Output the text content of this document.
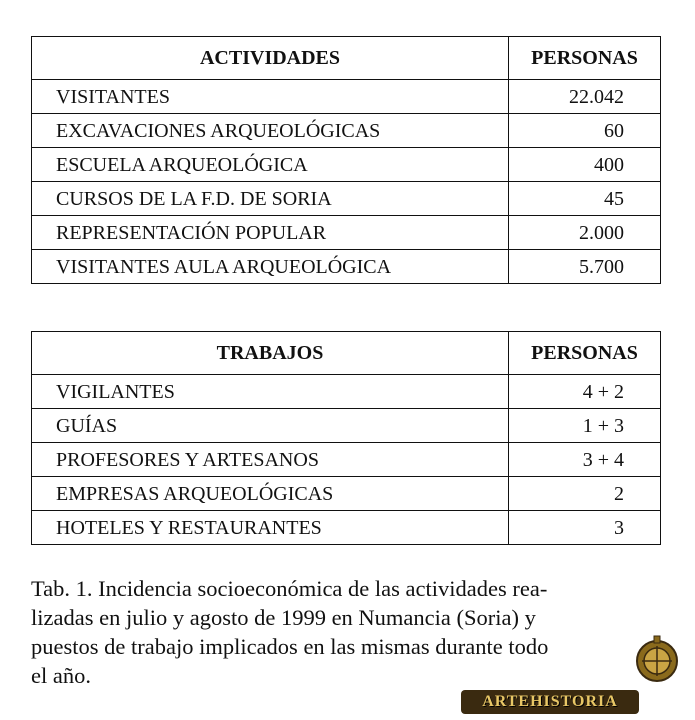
ACTIVIDADES	PERSONAS
VISITANTES	22.042
EXCAVACIONES ARQUEOLÓGICAS	60
ESCUELA ARQUEOLÓGICA	400
CURSOS DE LA F.D. DE SORIA	45
REPRESENTACIÓN POPULAR	2.000
VISITANTES AULA ARQUEOLÓGICA	5.700
TRABAJOS	PERSONAS
VIGILANTES	4 + 2
GUÍAS	1 + 3
PROFESORES Y ARTESANOS	3 + 4
EMPRESAS ARQUEOLÓGICAS	2
HOTELES Y RESTAURANTES	3
Tab. 1. Incidencia socioeconómica de las actividades rea-
lizadas en julio y agosto de 1999 en Numancia (Soria) y
puestos de trabajo implicados en las mismas durante todo
el año.
ARTEHISTORIA
